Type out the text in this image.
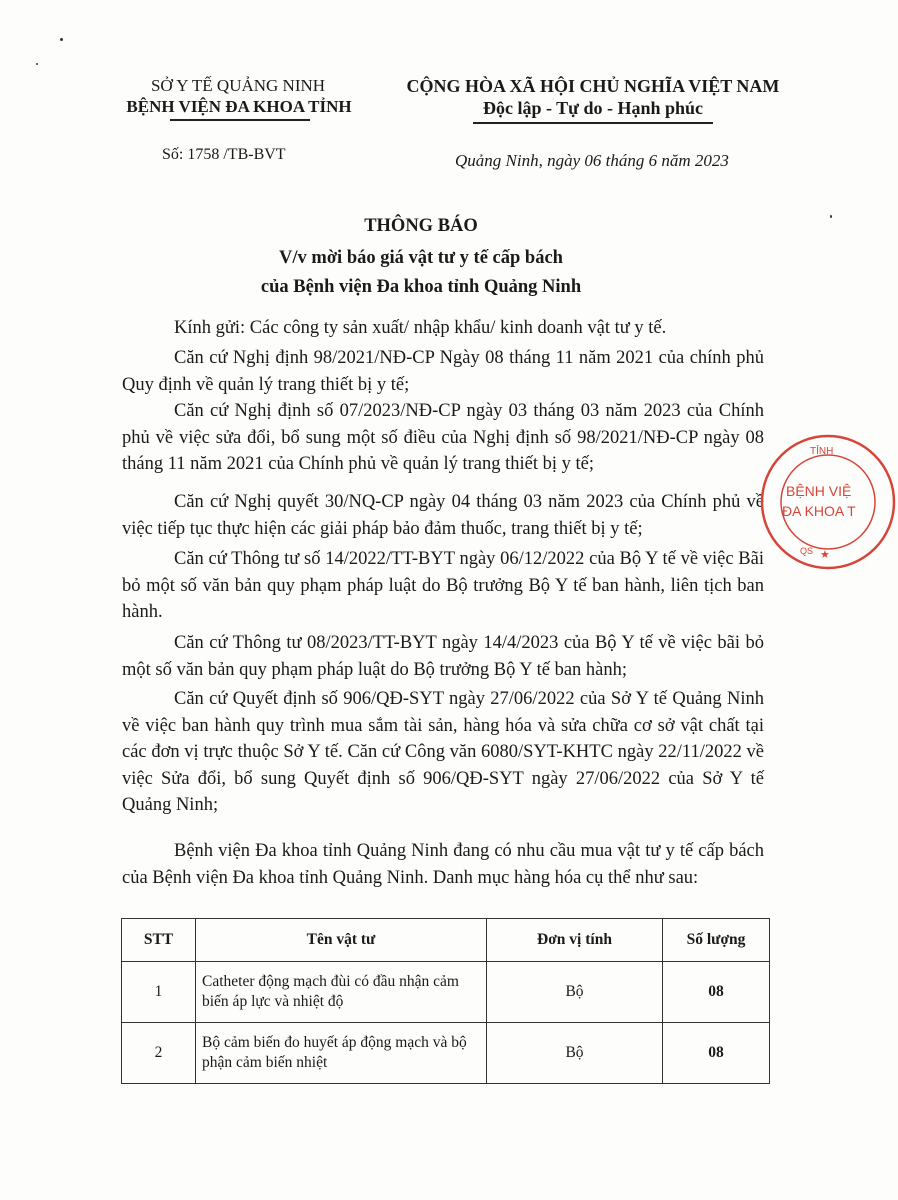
SỞ Y TẾ QUẢNG NINH
BỆNH VIỆN ĐA KHOA TỈNH
Số: 1758 /TB-BVT
CỘNG HÒA XÃ HỘI CHỦ NGHĨA VIỆT NAM
Độc lập - Tự do - Hạnh phúc
Quảng Ninh, ngày 06 tháng 6 năm 2023
THÔNG BÁO
V/v mời báo giá vật tư y tế cấp bách
của Bệnh viện Đa khoa tỉnh Quảng Ninh

Kính gửi: Các công ty sản xuất/ nhập khẩu/ kinh doanh vật tư y tế.

Căn cứ Nghị định 98/2021/NĐ-CP Ngày 08 tháng 11 năm 2021 của chính phủ Quy định về quản lý trang thiết bị y tế;

Căn cứ Nghị định số 07/2023/NĐ-CP ngày 03 tháng 03 năm 2023 của Chính phủ về việc sửa đổi, bổ sung một số điều của Nghị định số 98/2021/NĐ-CP ngày 08 tháng 11 năm 2021 của Chính phủ về quản lý trang thiết bị y tế;

Căn cứ Nghị quyết 30/NQ-CP ngày 04 tháng 03 năm 2023 của Chính phủ về việc tiếp tục thực hiện các giải pháp bảo đảm thuốc, trang thiết bị y tế;

Căn cứ Thông tư số 14/2022/TT-BYT ngày 06/12/2022 của Bộ Y tế về việc Bãi bỏ một số văn bản quy phạm pháp luật do Bộ trưởng Bộ Y tế ban hành, liên tịch ban hành.

Căn cứ Thông tư 08/2023/TT-BYT ngày 14/4/2023 của Bộ Y tế về việc bãi bỏ một số văn bản quy phạm pháp luật do Bộ trưởng Bộ Y tế ban hành;

Căn cứ Quyết định số 906/QĐ-SYT ngày 27/06/2022 của Sở Y tế Quảng Ninh về việc ban hành quy trình mua sắm tài sản, hàng hóa và sửa chữa cơ sở vật chất tại các đơn vị trực thuộc Sở Y tế. Căn cứ Công văn 6080/SYT-KHTC ngày 22/11/2022 về việc Sửa đổi, bổ sung Quyết định số 906/QĐ-SYT ngày 27/06/2022 của Sở Y tế Quảng Ninh;

Bệnh viện Đa khoa tỉnh Quảng Ninh đang có nhu cầu mua vật tư y tế cấp bách của Bệnh viện Đa khoa tỉnh Quảng Ninh. Danh mục hàng hóa cụ thể như sau:

STT	Tên vật tư	Đơn vị tính	Số lượng
1	Catheter động mạch đùi có đầu nhận cảm biến áp lực và nhiệt độ	Bộ	08
2	Bộ cảm biến đo huyết áp động mạch và bộ phận cảm biến nhiệt	Bộ	08
TỈNH
BỆNH VIỆ
ĐA KHOA T
QS ★
